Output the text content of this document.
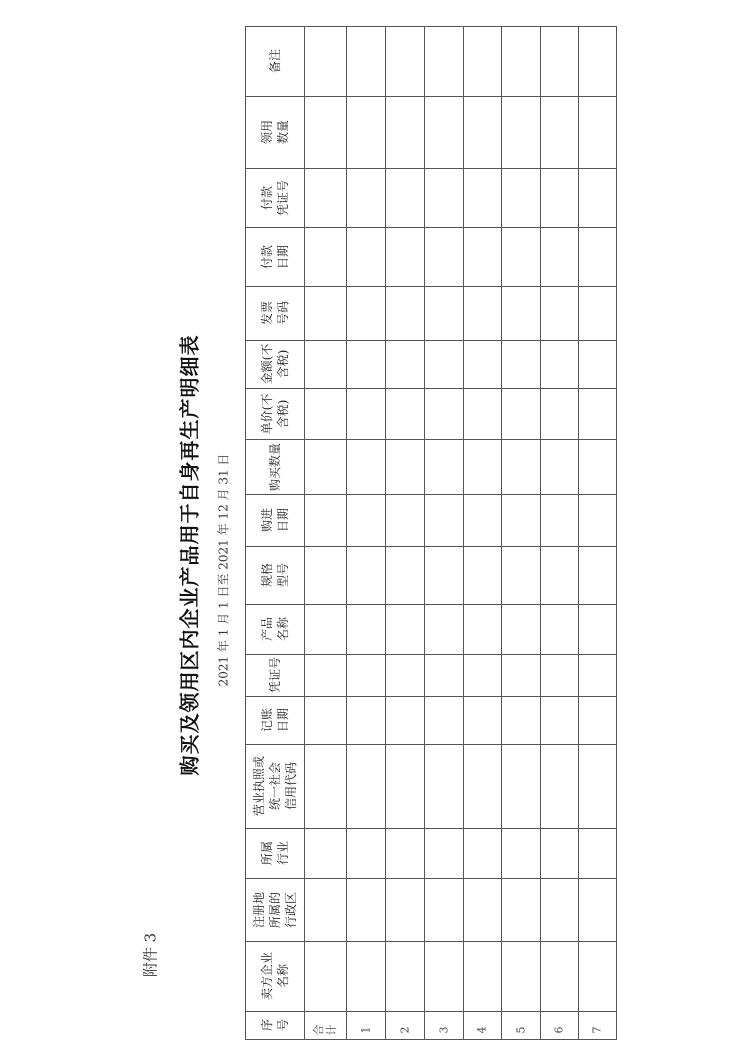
附件 3
购买及领用区内企业产品用于自身再生产明细表 2021 年 1 月 1 日至 2021 年 12 月 31 日
备注
领用
数量
付款
凭证号
付款
日期
发票
号码
金额(不
含税)
单价(不
含税)
购买数量
购进
日期
规格
型号
产品
名称
凭证号
记账
日期
营业执照或
统一社会
信用代码
所属
行业
注册地
所属的
行政区
卖方企业
名称
序
号 合
计 1 2 3 4 5 6 7
